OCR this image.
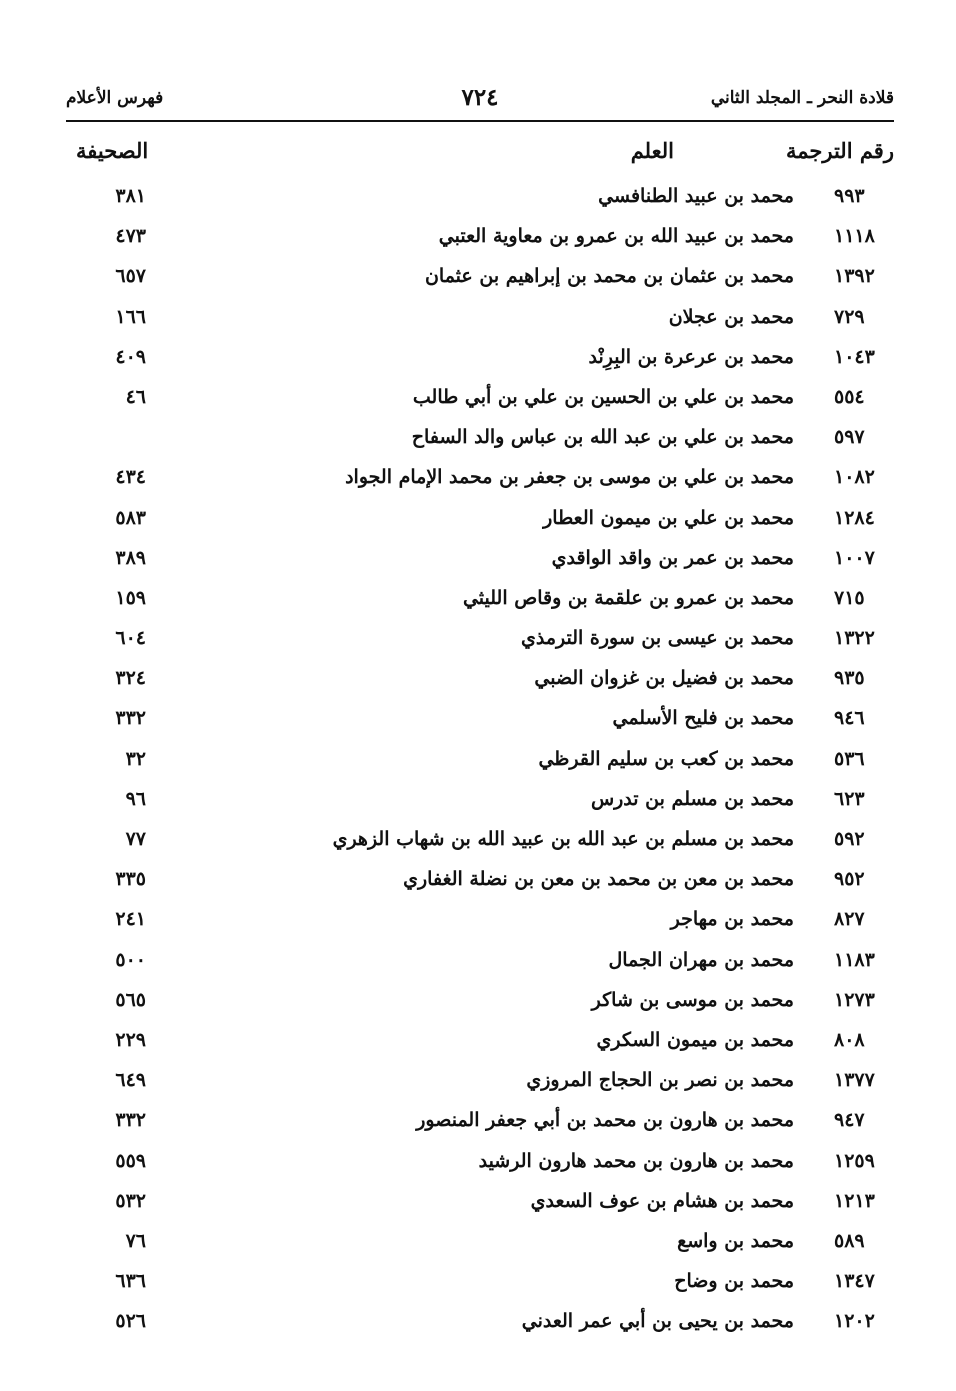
قلادة النحر ـ المجلد الثاني
٧٢٤
فهرس الأعلام
رقم الترجمة
العلم
الصحيفة
٩٩٣
محمد بن عبيد الطنافسي
٣٨١
١١١٨
محمد بن عبيد الله بن عمرو بن معاوية العتبي
٤٧٣
١٣٩٢
محمد بن عثمان بن محمد بن إبراهيم بن عثمان
٦٥٧
٧٢٩
محمد بن عجلان
١٦٦
١٠٤٣
محمد بن عرعرة بن البِرِنْد
٤٠٩
٥٥٤
محمد بن علي بن الحسين بن علي بن أبي طالب
٤٦
٥٩٧
محمد بن علي بن عبد الله بن عباس والد السفاح
١٠٨٢
محمد بن علي بن موسى بن جعفر بن محمد الإمام الجواد
٤٣٤
١٢٨٤
محمد بن علي بن ميمون العطار
٥٨٣
١٠٠٧
محمد بن عمر بن واقد الواقدي
٣٨٩
٧١٥
محمد بن عمرو بن علقمة بن وقاص الليثي
١٥٩
١٣٢٢
محمد بن عيسى بن سورة الترمذي
٦٠٤
٩٣٥
محمد بن فضيل بن غزوان الضبي
٣٢٤
٩٤٦
محمد بن فليح الأسلمي
٣٣٢
٥٣٦
محمد بن كعب بن سليم القرظي
٣٢
٦٢٣
محمد بن مسلم بن تدرس
٩٦
٥٩٢
محمد بن مسلم بن عبد الله بن عبيد الله بن شهاب الزهري
٧٧
٩٥٢
محمد بن معن بن محمد بن معن بن نضلة الغفاري
٣٣٥
٨٢٧
محمد بن مهاجر
٢٤١
١١٨٣
محمد بن مهران الجمال
٥٠٠
١٢٧٣
محمد بن موسى بن شاكر
٥٦٥
٨٠٨
محمد بن ميمون السكري
٢٢٩
١٣٧٧
محمد بن نصر بن الحجاج المروزي
٦٤٩
٩٤٧
محمد بن هارون بن محمد بن أبي جعفر المنصور
٣٣٢
١٢٥٩
محمد بن هارون بن محمد هارون الرشيد
٥٥٩
١٢١٣
محمد بن هشام بن عوف السعدي
٥٣٢
٥٨٩
محمد بن واسع
٧٦
١٣٤٧
محمد بن وضاح
٦٣٦
١٢٠٢
محمد بن يحيى بن أبي عمر العدني
٥٢٦
